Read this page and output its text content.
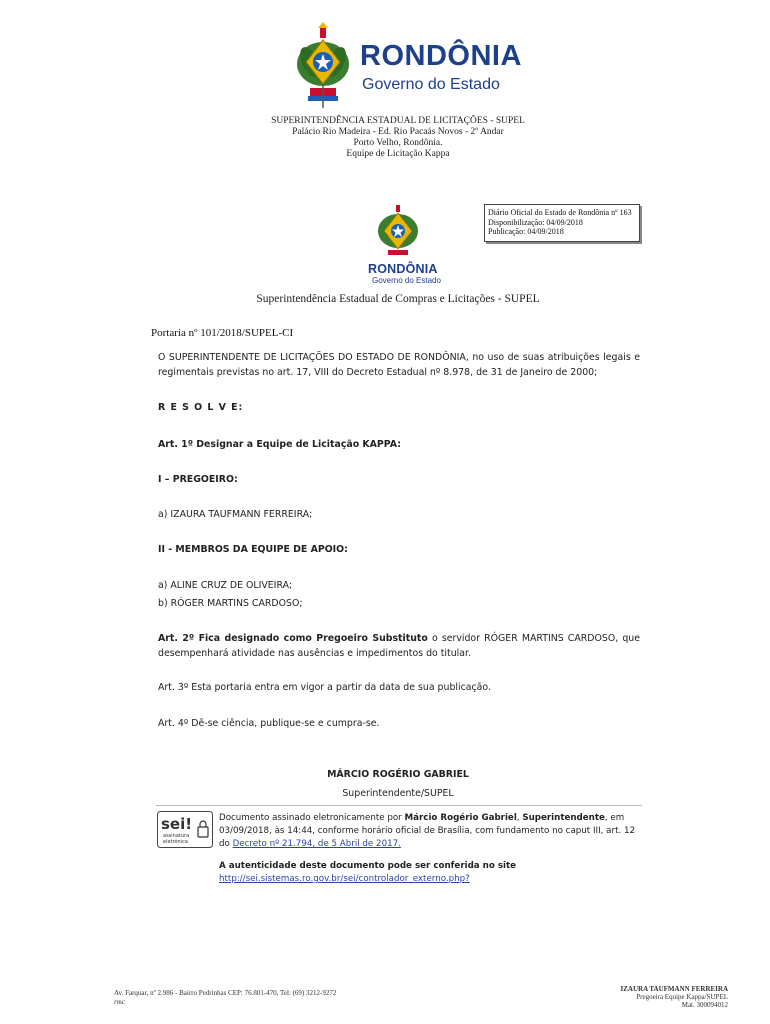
RONDÔNIA
Governo do Estado
SUPERINTENDÊNCIA ESTADUAL DE LICITAÇÕES - SUPEL
Palácio Rio Madeira - Ed. Rio Pacaás Novos - 2º Andar
Porto Velho, Rondônia.
Equipe de Licitação Kappa
RONDÔNIA
Governo do Estado
Diário Oficial do Estado de Rondônia nº 163
Disponibilização: 04/09/2018
Publicação: 04/09/2018
Superintendência Estadual de Compras e Licitações - SUPEL
Portaria nº 101/2018/SUPEL-CI
O SUPERINTENDENTE DE LICITAÇÕES DO ESTADO DE RONDÔNIA, no uso de suas atribuições legais e regimentais previstas no art. 17, VIII do Decreto Estadual nº 8.978, de 31 de Janeiro de 2000;
R E S O L V E:
Art. 1º Designar a Equipe de Licitação KAPPA:
I – PREGOEIRO:
a) IZAURA TAUFMANN FERREIRA;
II - MEMBROS DA EQUIPE DE APOIO:
a) ALINE CRUZ DE OLIVEIRA;
b) RÓGER MARTINS CARDOSO;
Art. 2º Fica designado como Pregoeiro Substituto o servidor RÓGER MARTINS CARDOSO, que desempenhará atividade nas ausências e impedimentos do titular.
Art. 3º Esta portaria entra em vigor a partir da data de sua publicação.
Art. 4º Dê-se ciência, publique-se e cumpra-se.
MÁRCIO ROGÉRIO GABRIEL
Superintendente/SUPEL
sei!
assinatura
eletrônica
Documento assinado eletronicamente por Márcio Rogério Gabriel, Superintendente, em 03/09/2018, às 14:44, conforme horário oficial de Brasília, com fundamento no caput III, art. 12 do Decreto nº 21.794, de 5 Abril de 2017.
A autenticidade deste documento pode ser conferida no site
http://sei.sistemas.ro.gov.br/sei/controlador_externo.php?
Av. Farquar, nº 2.986 - Bairro Pedrinhas CEP: 76.801-470, Tel: (69) 3212-9272
rmc
IZAURA TAUFMANN FERREIRA
Pregoeira Equipe Kappa/SUPEL
Mat. 300094012
